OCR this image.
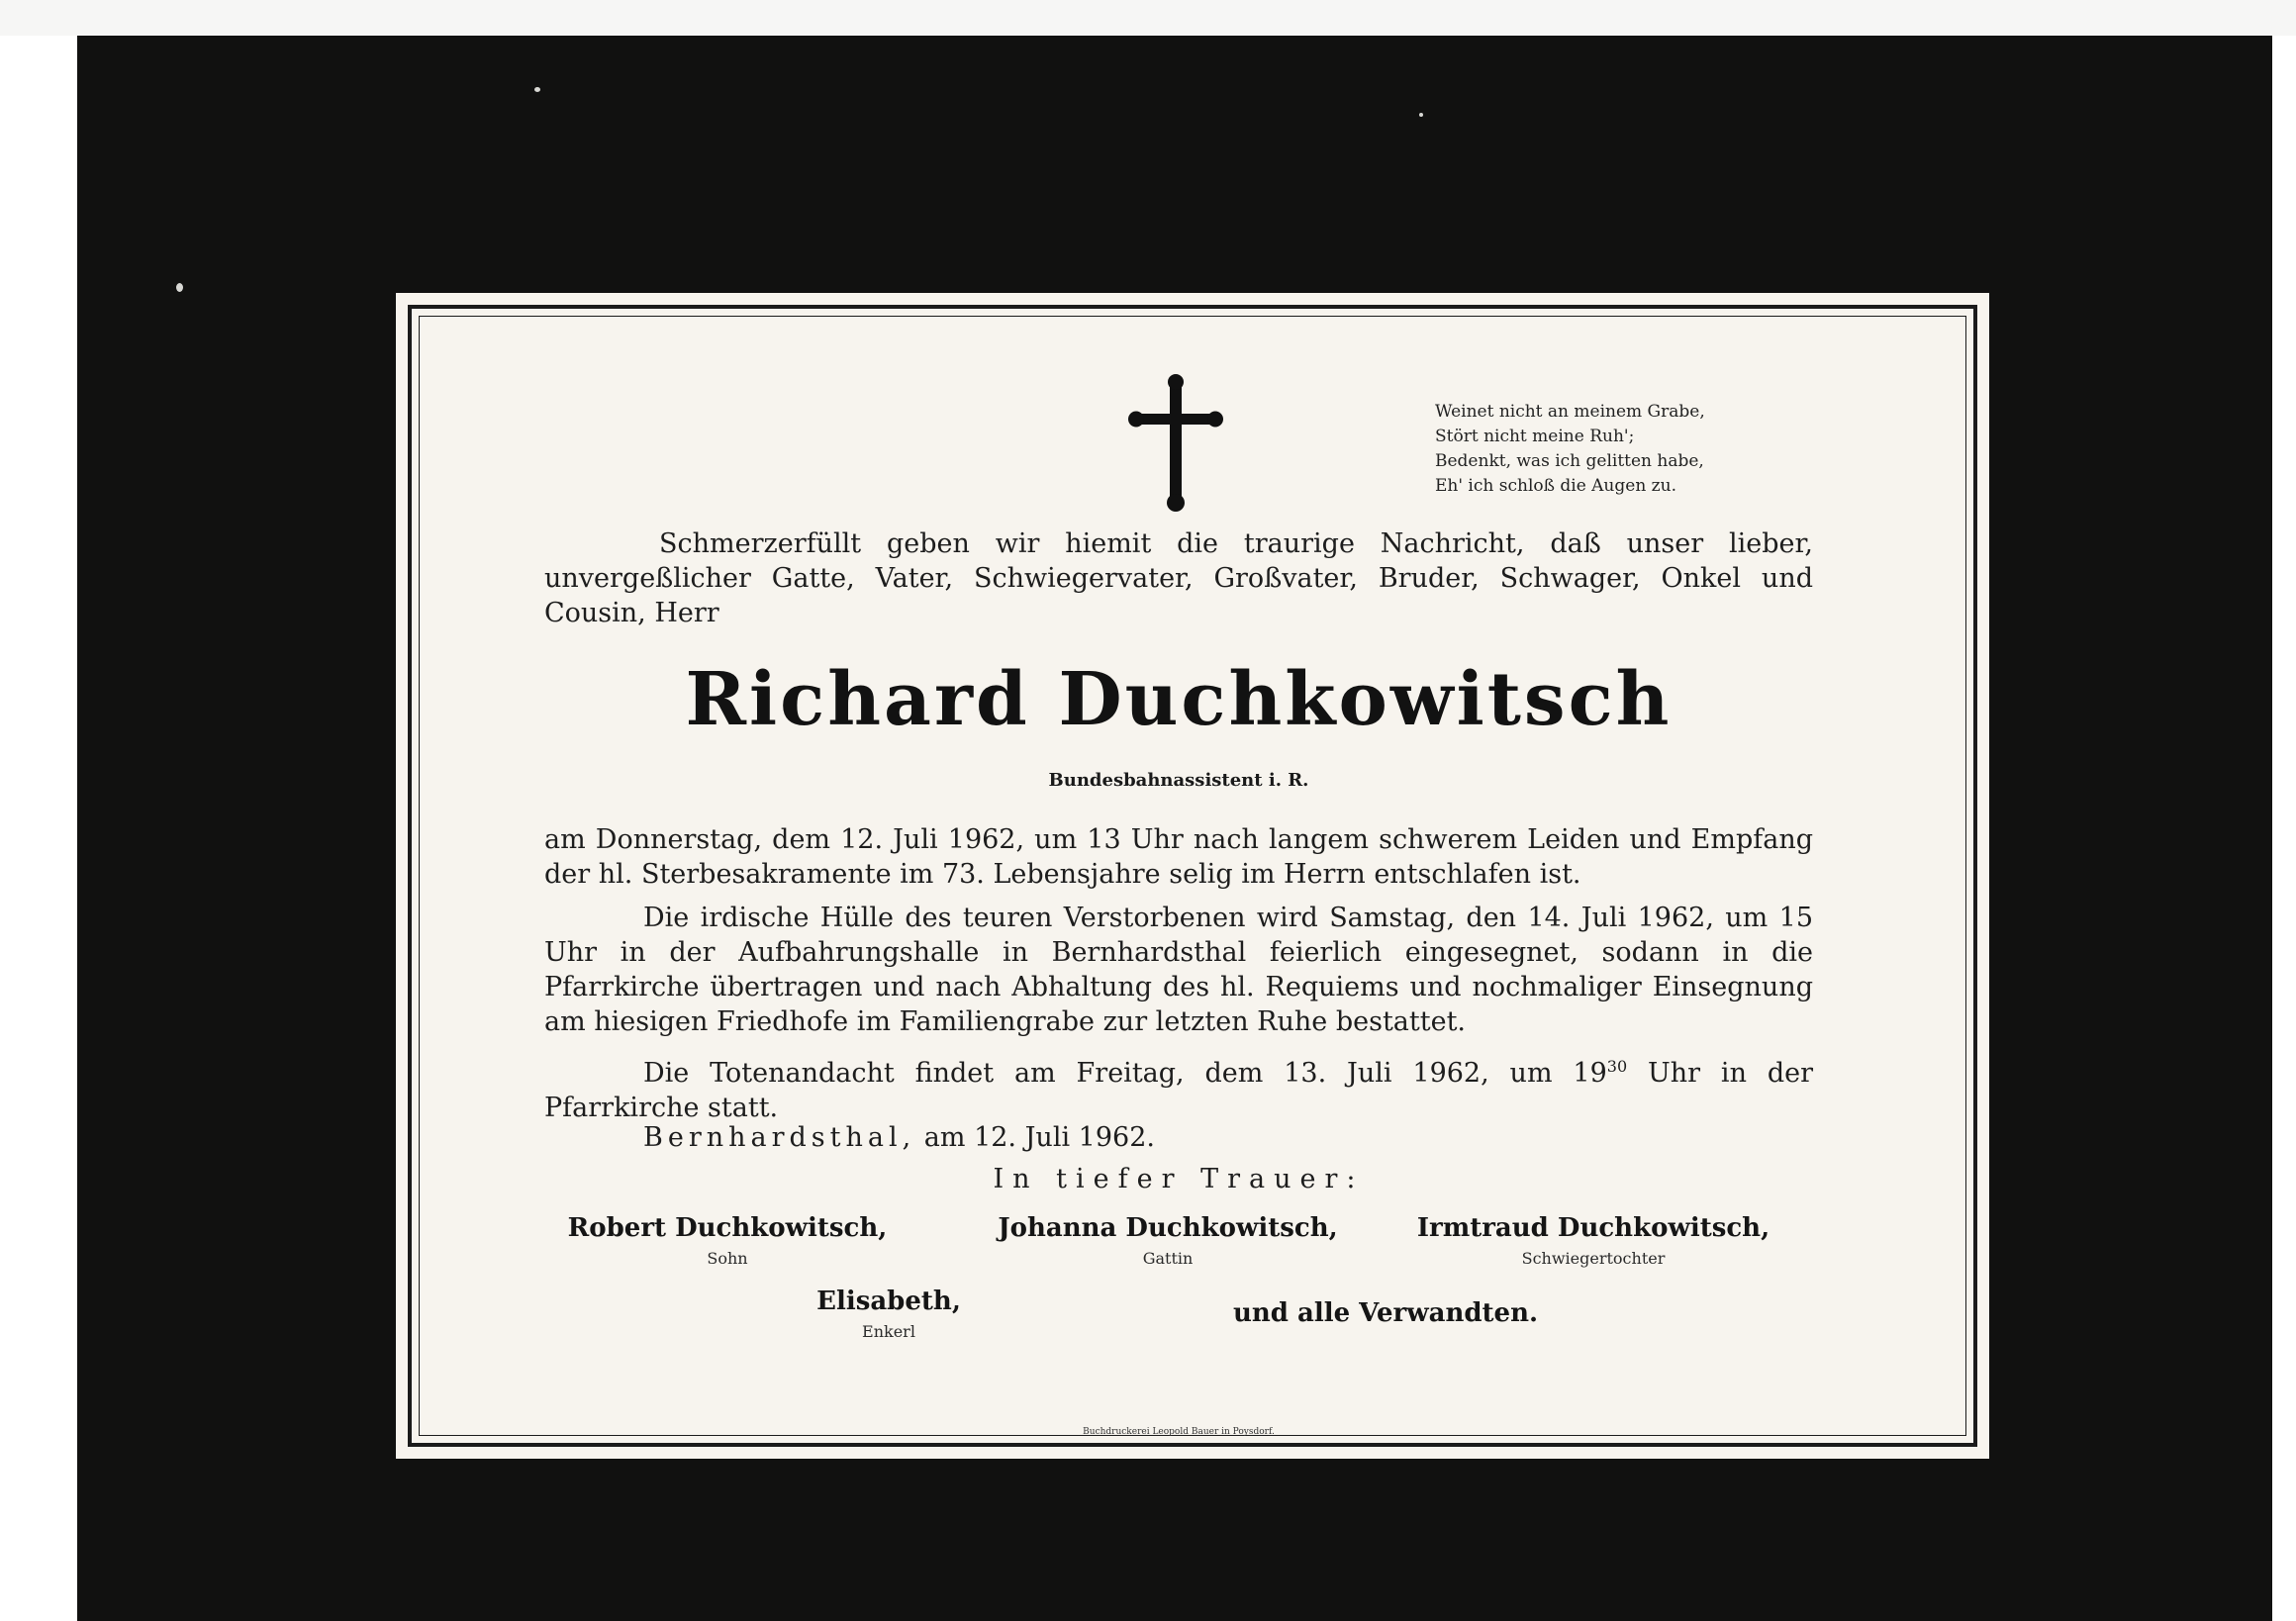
Weinet nicht an meinem Grabe,
Stört nicht meine Ruh';
Bedenkt, was ich gelitten habe,
Eh' ich schloß die Augen zu.
Schmerzerfüllt geben wir hiemit die traurige Nachricht, daß unser lieber, unvergeßlicher Gatte, Vater, Schwiegervater, Großvater, Bruder, Schwager, Onkel und Cousin, Herr
Richard Duchkowitsch
Bundesbahnassistent i. R.
am Donnerstag, dem 12. Juli 1962, um 13 Uhr nach langem schwerem Leiden und Empfang der hl. Sterbesakramente im 73. Lebensjahre selig im Herrn entschlafen ist.
Die irdische Hülle des teuren Verstorbenen wird Samstag, den 14. Juli 1962, um 15 Uhr in der Aufbahrungshalle in Bernhardsthal feierlich eingesegnet, sodann in die Pfarrkirche übertragen und nach Abhaltung des hl. Requiems und nochmaliger Einsegnung am hiesigen Friedhofe im Familiengrabe zur letzten Ruhe bestattet.
Die Totenandacht findet am Freitag, dem 13. Juli 1962, um $19^{30}$ Uhr in der Pfarrkirche statt.
Bernhardsthal, am 12. Juli 1962.
In tiefer Trauer:
Robert Duchkowitsch,
Sohn
Johanna Duchkowitsch,
Gattin
Irmtraud Duchkowitsch,
Schwiegertochter
Elisabeth,
Enkerl
und alle Verwandten.
Buchdruckerei Leopold Bauer in Poysdorf.
